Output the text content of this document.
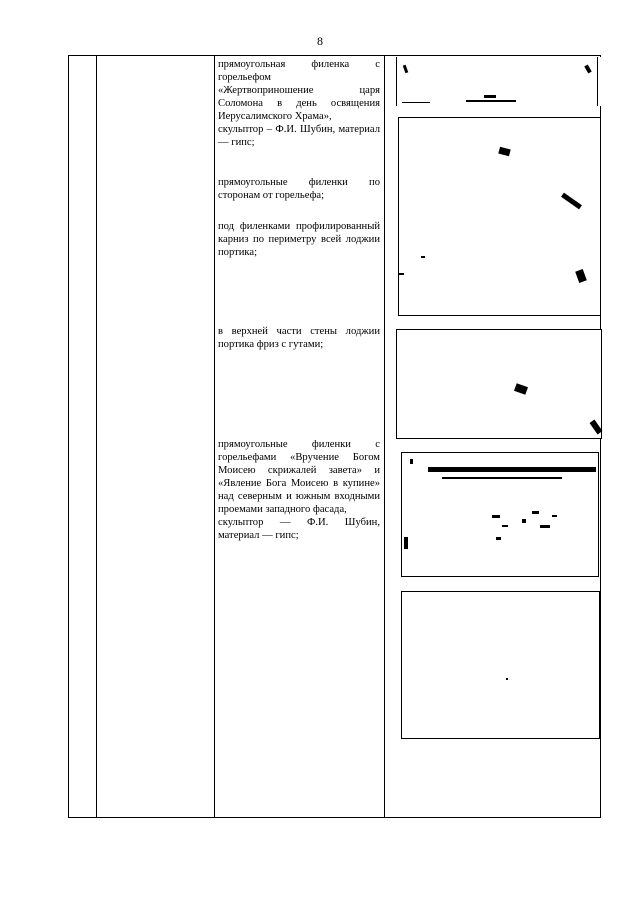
8
прямоугольная филенка с горельефом
«Жертвоприношение царя Соломона в день освящения Иерусалимского Храма»,
скульптор – Ф.И. Шубин, материал — гипс;
прямоугольные филенки по сторонам от горельефа;
под филенками профилированный карниз по периметру всей лоджии портика;
в верхней части стены лоджии портика фриз с гутами;
прямоугольные филенки с горельефами «Вручение Богом Моисею скрижалей завета» и «Явление Бога Моисею в купине» над северным и южным входными проемами западного фасада,
скульптор — Ф.И. Шубин, материал — гипс;
